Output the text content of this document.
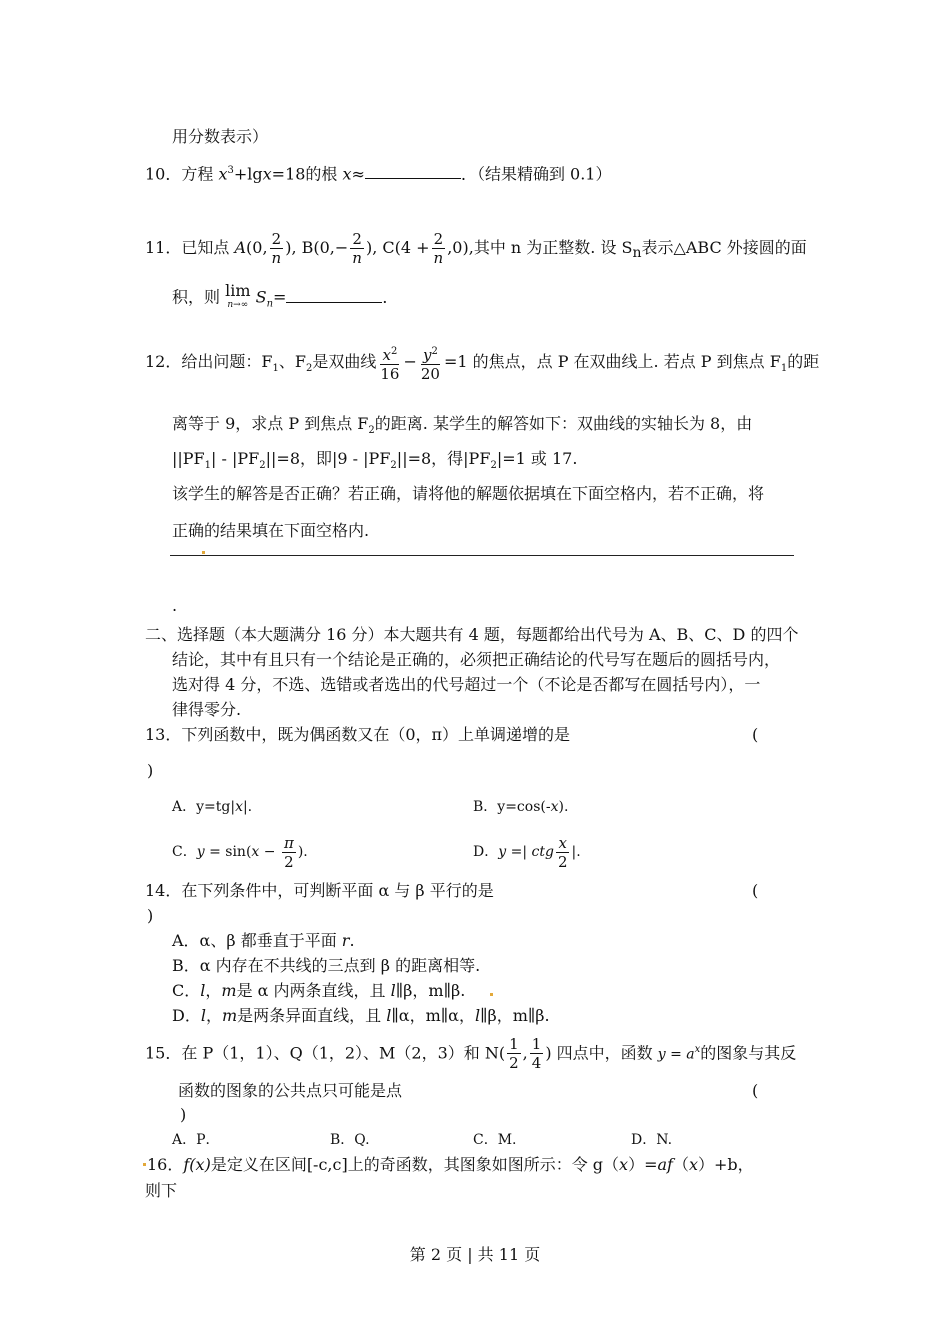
用分数表示）
10．方程 $x^3+\lg x=18$的根 x≈	．（结果精确到 0.1）
11．已知点 A(0, $\frac{2}{n}$ ), $B(0,- \frac{2}{n}$ ), $C(4 + \frac{2}{n} ,0)$,其中 n 为正整数. 设 $S_n$表示△ABC 外接圆的面
积，则 lim
n→∞ $S_n=$	．
12．给出问题：$F_1$、$F_2$是双曲线 $\frac{x^2}{16} - \frac{y^2}{20} =1$ 的焦点，点 P 在双曲线上. 若点 P 到焦点 $F_1$的距
离等于 9，求点 P 到焦点 $F_2$的距离. 某学生的解答如下：双曲线的实轴长为 8，由
$||PF_1| - |PF_2||=8$，即$|9 - |PF_2||=8$，得$|PF_2|=1$ 或 17.
该学生的解答是否正确？若正确，请将他的解题依据填在下面空格内，若不正确，将
正确的结果填在下面空格内.
.
二、选择题（本大题满分 16 分）本大题共有 4 题，每题都给出代号为 A、B、C、D 的四个
结论，其中有且只有一个结论是正确的，必须把正确结论的代号写在题后的圆括号内，
选对得 4 分，不选、选错或者选出的代号超过一个（不论是否都写在圆括号内），一
律得零分.
13．下列函数中，既为偶函数又在（0，π）上单调递增的是	(
)
A．y=tg|x|.	B．y=cos(-x).
C．$y = \sin(x - \frac{\pi}{2}$ ).	D．y =| ctg $\frac{x}{2}$ |.
14．在下列条件中，可判断平面 α 与 β 平行的是	(
)
A．α、β 都垂直于平面 r.
B．α 内存在不共线的三点到 β 的距离相等.
C．l，m是 α 内两条直线，且 l∥β，m∥β.
D．l，m是两条异面直线，且 l∥α，m∥α，l∥β，m∥β.
15．在 P（1，1）、Q（1，2）、M（2，3）和 $N( \frac{1}{2}$ , $\frac{1}{4}$ ) 四点中，函数 $y = a^x$的图象与其反
函数的图象的公共点只可能是点	(
)
A．P．	B．Q.	C．M.	D．N.
16．f(x)是定义在区间[-c,c]上的奇函数，其图象如图所示：令 g（x）=af（x）+b，
则下
第 2 页 | 共 11 页
